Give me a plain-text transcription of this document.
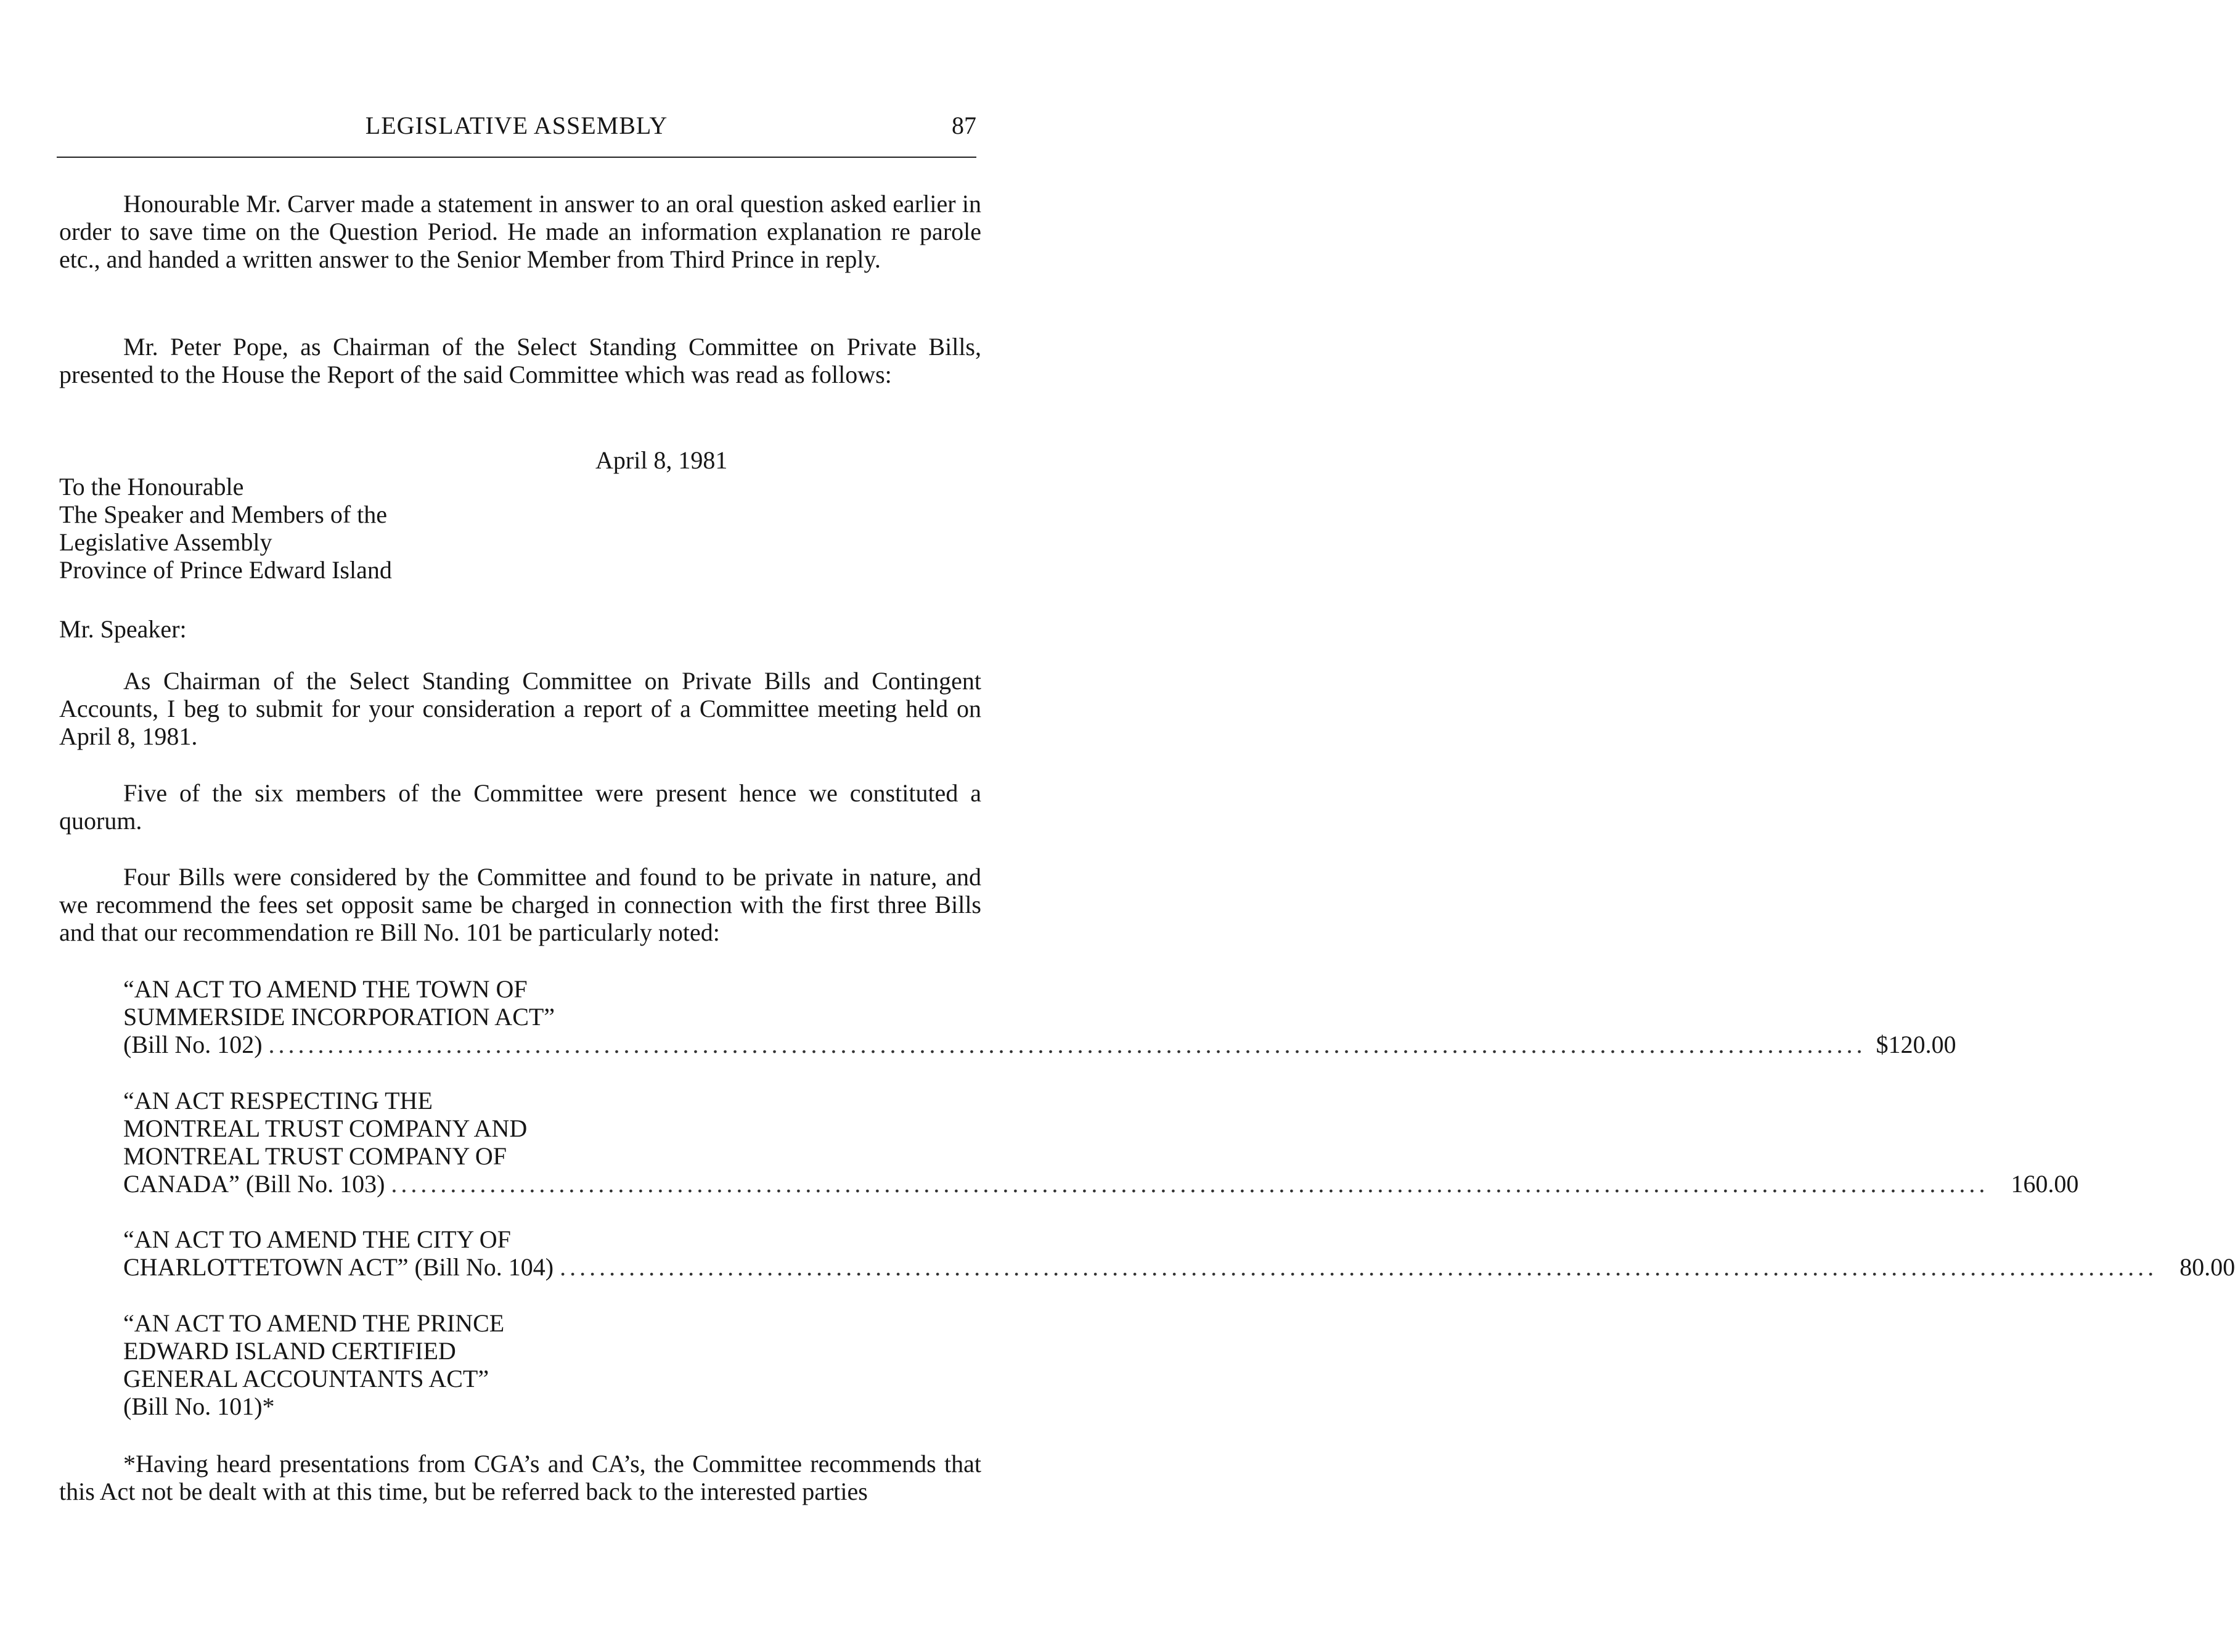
LEGISLATIVE ASSEMBLY	87
Honourable Mr. Carver made a statement in answer to an oral question asked earlier in order to save time on the Question Period. He made an information explanation re parole etc., and handed a written answer to the Senior Member from Third Prince in reply.
Mr. Peter Pope, as Chairman of the Select Standing Committee on Private Bills, presented to the House the Report of the said Committee which was read as follows:
April 8, 1981
To the Honourable
The Speaker and Members of the
Legislative Assembly
Province of Prince Edward Island
Mr. Speaker:
As Chairman of the Select Standing Committee on Private Bills and Contingent Accounts, I beg to submit for your consideration a report of a Committee meeting held on April 8, 1981.
Five of the six members of the Committee were present hence we constituted a quorum.
Four Bills were considered by the Committee and found to be private in nature, and we recommend the fees set opposit same be charged in connection with the first three Bills and that our recommendation re Bill No. 101 be particularly noted:
“AN ACT TO AMEND THE TOWN OF
SUMMERSIDE INCORPORATION ACT”
(Bill No. 102) .................................................................................................................................................................. $120.00
“AN ACT RESPECTING THE
MONTREAL TRUST COMPANY AND
MONTREAL TRUST COMPANY OF
CANADA” (Bill No. 103) .................................................................................................................................................................. 160.00
“AN ACT TO AMEND THE CITY OF
CHARLOTTETOWN ACT” (Bill No. 104) .................................................................................................................................................................. 80.00
“AN ACT TO AMEND THE PRINCE
EDWARD ISLAND CERTIFIED
GENERAL ACCOUNTANTS ACT”
(Bill No. 101)*
*Having heard presentations from CGA’s and CA’s, the Committee recommends that this Act not be dealt with at this time, but be referred back to the interested parties
